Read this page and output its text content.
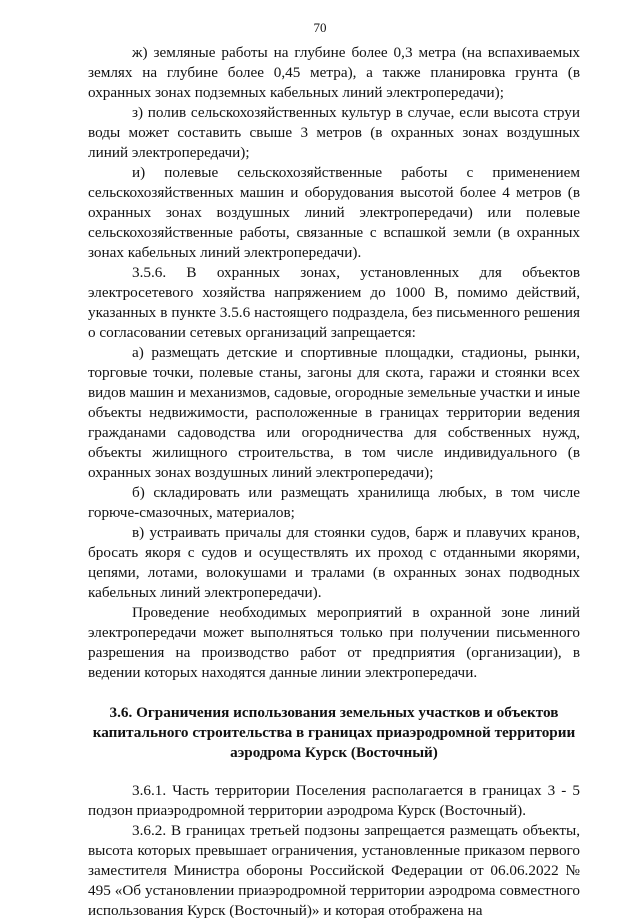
70

ж) земляные работы на глубине более 0,3 метра (на вспахиваемых землях на глубине более 0,45 метра), а также планировка грунта (в охранных зонах подземных кабельных линий электропередачи);

з) полив сельскохозяйственных культур в случае, если высота струи воды может составить свыше 3 метров (в охранных зонах воздушных линий электропередачи);

и) полевые сельскохозяйственные работы с применением сельскохозяйственных машин и оборудования высотой более 4 метров (в охранных зонах воздушных линий электропередачи) или полевые сельскохозяйственные работы, связанные с вспашкой земли (в охранных зонах кабельных линий электропередачи).

3.5.6. В охранных зонах, установленных для объектов электросетевого хозяйства напряжением до 1000 В, помимо действий, указанных в пункте 3.5.6 настоящего подраздела, без письменного решения о согласовании сетевых организаций запрещается:

а) размещать детские и спортивные площадки, стадионы, рынки, торговые точки, полевые станы, загоны для скота, гаражи и стоянки всех видов машин и механизмов, садовые, огородные земельные участки и иные объекты недвижимости, расположенные в границах территории ведения гражданами садоводства или огородничества для собственных нужд, объекты жилищного строительства, в том числе индивидуального (в охранных зонах воздушных линий электропередачи);

б) складировать или размещать хранилища любых, в том числе горюче-смазочных, материалов;

в) устраивать причалы для стоянки судов, барж и плавучих кранов, бросать якоря с судов и осуществлять их проход с отданными якорями, цепями, лотами, волокушами и тралами (в охранных зонах подводных кабельных линий электропередачи).

Проведение необходимых мероприятий в охранной зоне линий электропередачи может выполняться только при получении письменного разрешения на производство работ от предприятия (организации), в ведении которых находятся данные линии электропередачи.

3.6. Ограничения использования земельных участков и объектов капитального строительства в границах приаэродромной территории аэродрома Курск (Восточный)

3.6.1. Часть территории Поселения располагается в границах 3 - 5 подзон приаэродромной территории аэродрома Курск (Восточный).

3.6.2. В границах третьей подзоны запрещается размещать объекты, высота которых превышает ограничения, установленные приказом первого заместителя Министра обороны Российской Федерации от 06.06.2022 № 495 «Об установлении приаэродромной территории аэродрома совместного использования Курск (Восточный)» и которая отображена на
